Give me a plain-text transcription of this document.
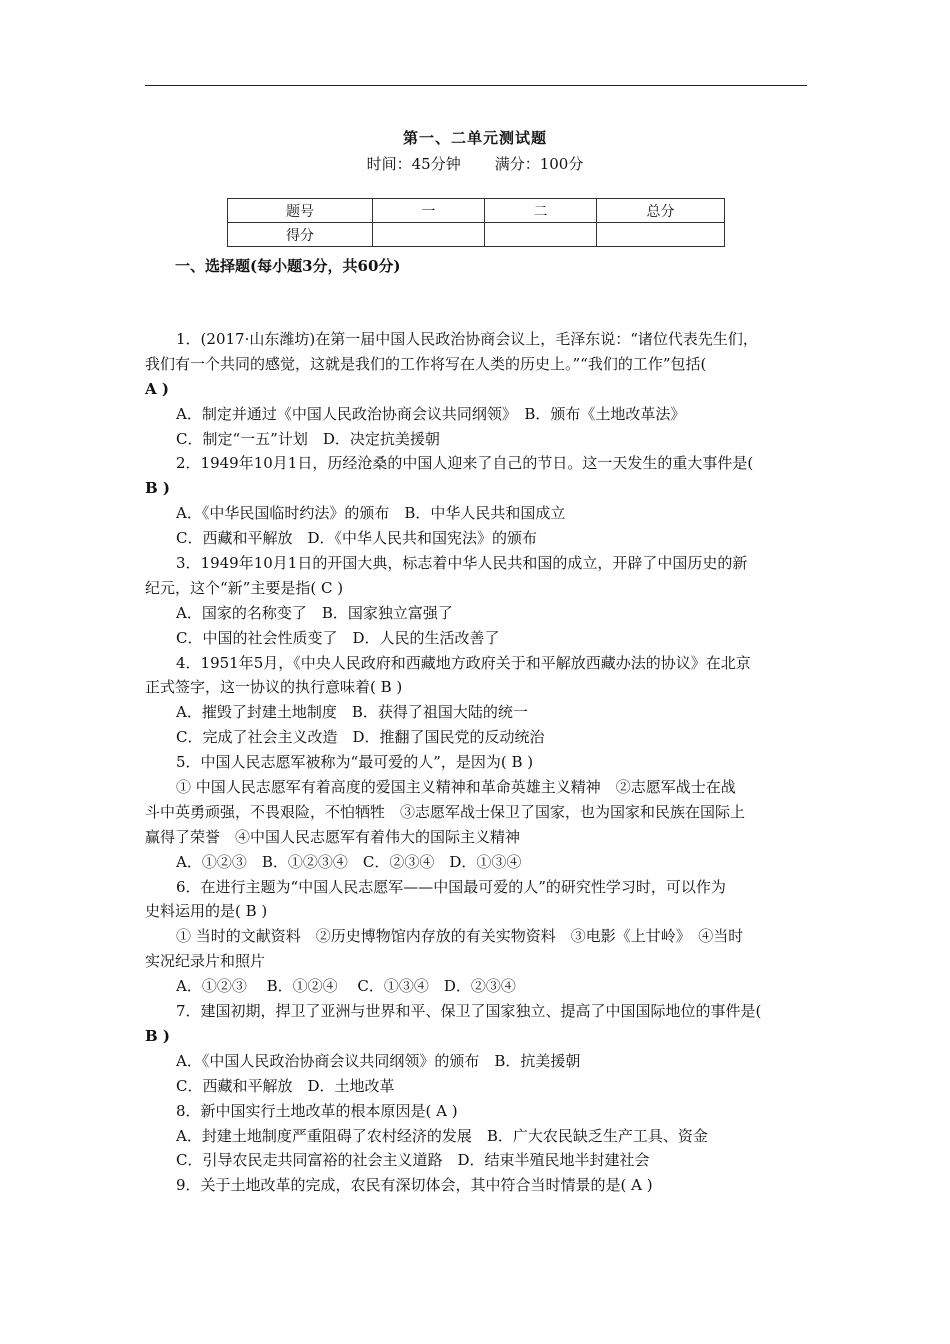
第一、二单元测试题
时间：45分钟 满分：100分
题号	一	二	总分
得分			
一、选择题(每小题3分，共60分)
1．(2017·山东潍坊)在第一届中国人民政治协商会议上，毛泽东说：“诸位代表先生们，
我们有一个共同的感觉，这就是我们的工作将写在人类的历史上。”“我们的工作”包括(
A )
A．制定并通过《中国人民政治协商会议共同纲领》　B．颁布《土地改革法》
C．制定“一五”计划　D．决定抗美援朝
2．1949年10月1日，历经沧桑的中国人迎来了自己的节日。这一天发生的重大事件是(
B )
A．《中华民国临时约法》的颁布　B．中华人民共和国成立
C．西藏和平解放　D．《中华人民共和国宪法》的颁布
3．1949年10月1日的开国大典，标志着中华人民共和国的成立，开辟了中国历史的新
纪元，这个“新”主要是指( C )
A．国家的名称变了　B．国家独立富强了
C．中国的社会性质变了　D．人民的生活改善了
4．1951年5月，《中央人民政府和西藏地方政府关于和平解放西藏办法的协议》在北京
正式签字，这一协议的执行意味着( B )
A．摧毁了封建土地制度　B．获得了祖国大陆的统一
C．完成了社会主义改造　D．推翻了国民党的反动统治
5．中国人民志愿军被称为“最可爱的人”，是因为( B )
① 中国人民志愿军有着高度的爱国主义精神和革命英雄主义精神　②志愿军战士在战
斗中英勇顽强，不畏艰险，不怕牺牲　③志愿军战士保卫了国家，也为国家和民族在国际上
赢得了荣誉　④中国人民志愿军有着伟大的国际主义精神
A．①②③　B．①②③④　C．②③④　D．①③④
6．在进行主题为“中国人民志愿军——中国最可爱的人”的研究性学习时，可以作为
史料运用的是( B )
① 当时的文献资料　②历史博物馆内存放的有关实物资料　③电影《上甘岭》　④当时
实况纪录片和照片
A．①②③　 B．①②④　 C．①③④　D．②③④
7．建国初期，捍卫了亚洲与世界和平、保卫了国家独立、提高了中国国际地位的事件是(
B )
A．《中国人民政治协商会议共同纲领》的颁布　B．抗美援朝
C．西藏和平解放　D．土地改革
8．新中国实行土地改革的根本原因是( A )
A．封建土地制度严重阻碍了农村经济的发展　B．广大农民缺乏生产工具、资金
C．引导农民走共同富裕的社会主义道路　D．结束半殖民地半封建社会
9．关于土地改革的完成，农民有深切体会，其中符合当时情景的是( A )
